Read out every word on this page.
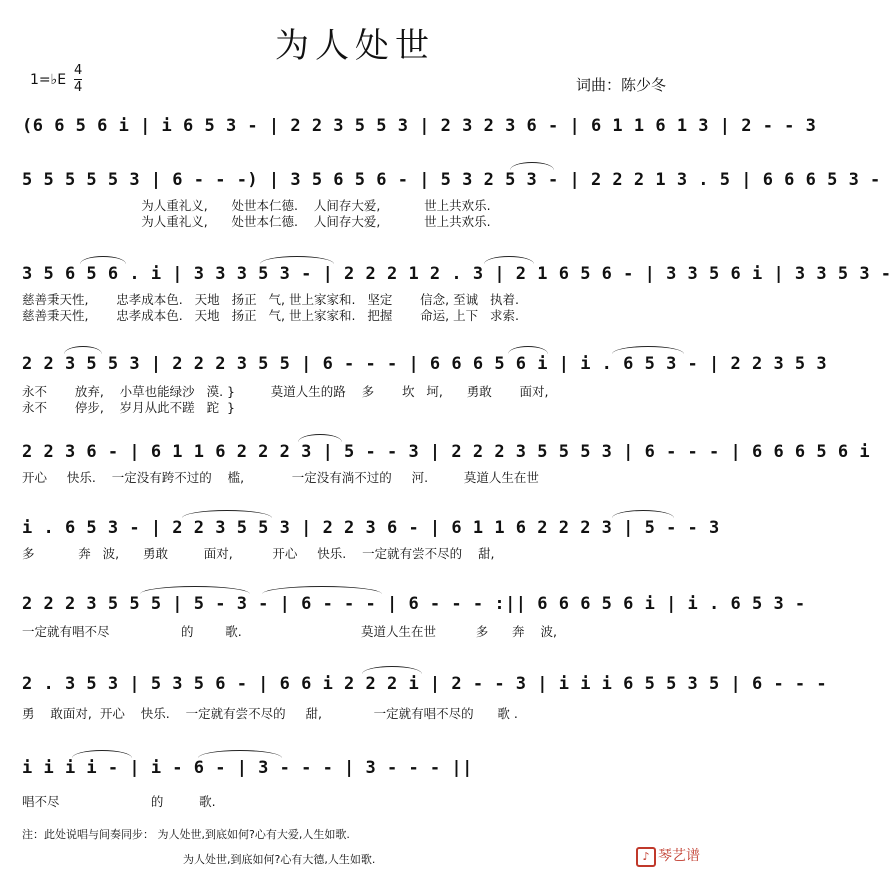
为人处世
1=♭E
4
4	词曲：陈少冬
(6 6 5 6 i | i 6 5 3 - | 2 2 3 5 5 3 | 2 3 2 3 6 - | 6 1 1 6 1 3 | 2 - - 3
5 5 5 5 5 3 | 6 - - -) | 3 5 6 5 6 - | 5 3 2 5 3 - | 2 2 2 1 3 . 5 | 6 6 6 5 3 -
为人重礼义,      处世本仁德.    人间存大爱,           世上共欢乐.
为人重礼义,      处世本仁德.    人间存大爱,           世上共欢乐.
3 5 6 5 6 . i | 3 3 3 5 3 - | 2 2 2 1 2 . 3 | 2 1 6 5 6 - | 3 3 5 6 i | 3 3 5 3 -
慈善秉天性,       忠孝成本色.   天地   扬正   气, 世上家家和.   坚定       信念, 至诚   执着.
慈善秉天性,       忠孝成本色.   天地   扬正   气, 世上家家和.   把握       命运, 上下   求索.
2 2 3 5 5 3 | 2 2 2 3 5 5 | 6 - - - | 6 6 6 5 6 i | i . 6 5 3 - | 2 2 3 5 3
永不       放弃,    小草也能绿沙   漠. }         莫道人生的路    多       坎   坷,      勇敢       面对,
永不       停步,    岁月从此不蹉   跎  }
2 2 3 6 - | 6 1 1 6 2 2 2 3 | 5 - - 3 | 2 2 2 3 5 5 5 3 | 6 - - - | 6 6 6 5 6 i
开心     快乐.    一定没有跨不过的    槛,            一定没有淌不过的     河.         莫道人生在世
i . 6 5 3 - | 2 2 3 5 5 3 | 2 2 3 6 - | 6 1 1 6 2 2 2 3 | 5 - - 3
多           奔   波,      勇敢         面对,          开心     快乐.    一定就有尝不尽的    甜,
2 2 2 3 5 5 5 | 5 - 3 - | 6 - - - | 6 - - - :|| 6 6 6 5 6 i | i . 6 5 3 -
一定就有唱不尽                  的        歌.                              莫道人生在世          多      奔    波,
2 . 3 5 3 | 5 3 5 6 - | 6 6 i 2 2 2 i | 2 - - 3 | i i i 6 5 5 3 5 | 6 - - -
勇    敢面对,  开心    快乐.    一定就有尝不尽的     甜,             一定就有唱不尽的      歌 .
i i i i - | i - 6 - | 3 - - - | 3 - - - ||
唱不尽                       的         歌.
注：此处说唱与间奏同步： 为人处世,到底如何?心有大爱,人生如歌.
为人处世,到底如何?心有大德,人生如歌.	♪ 琴艺谱
